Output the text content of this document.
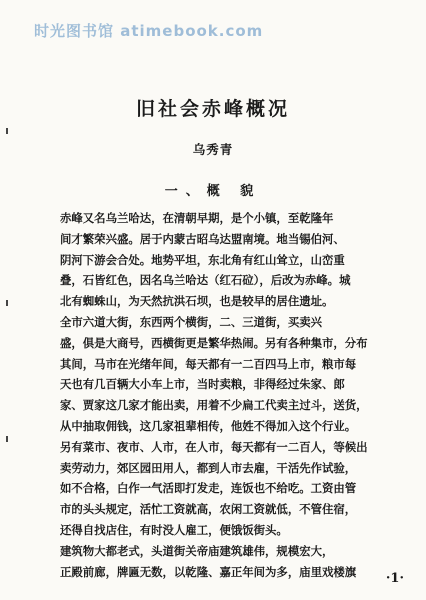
时光图书馆 atimebook.com
旧社会赤峰概况
乌秀青
一、概 貌
赤峰又名乌兰哈达，在清朝早期，是个小镇，至乾隆年
间才繁荣兴盛。居于内蒙古昭乌达盟南境。地当锡伯河、
阴河下游会合处。地势平坦，东北角有红山耸立，山峦重
叠，石皆红色，因名乌兰哈达（红石砬），后改为赤峰。城
北有蜘蛛山，为天然抗洪石坝，也是较早的居住遗址。
全市六道大街，东西两个横街，二、三道街，买卖兴
盛，俱是大商号，西横街更是繁华热闹。另有各种集市，分布
其间，马市在光绪年间，每天都有一二百四马上市，粮市每
天也有几百辆大小车上市，当时卖粮，非得经过朱家、郎
家、贾家这几家才能出卖，用着不少扁工代卖主过斗，送货，
从中抽取佣钱，这几家祖辈相传，他姓不得加入这个行业。
另有菜市、夜市、人市，在人市，每天都有一二百人，等候出
卖劳动力，郊区园田用人，都到人市去雇，干活先作试验，
如不合格，白作一气活即打发走，连饭也不给吃。工资由管
市的头头规定，活忙工资就高，农闲工资就低，不管住宿，
还得自找店住，有时没人雇工，便饿饭街头。
建筑物大都老式，头道街关帝庙建筑雄伟，规模宏大，
正殿前廊，牌匾无数，以乾隆、嘉正年间为多，庙里戏楼旗	·1·
